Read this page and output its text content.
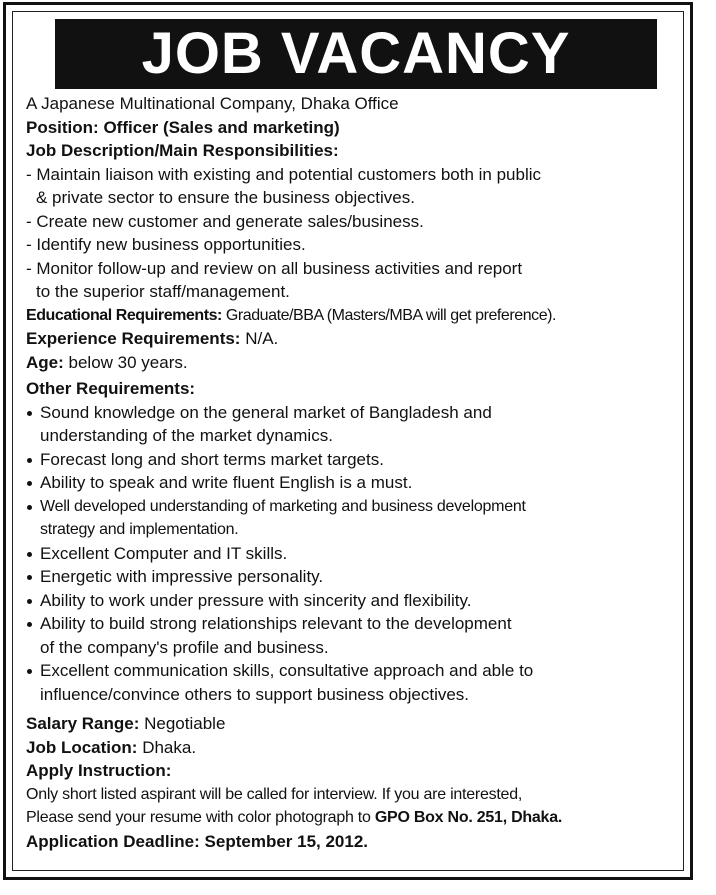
JOB VACANCY
A Japanese Multinational Company, Dhaka Office
Position: Officer (Sales and marketing)
Job Description/Main Responsibilities:
- Maintain liaison with existing and potential customers both in public
& private sector to ensure the business objectives.
- Create new customer and generate sales/business.
- Identify new business opportunities.
- Monitor follow-up and review on all business activities and report
to the superior staff/management.
Educational Requirements: Graduate/BBA (Masters/MBA will get preference).
Experience Requirements: N/A.
Age: below 30 years.
Other Requirements:
Sound knowledge on the general market of Bangladesh and
understanding of the market dynamics.
Forecast long and short terms market targets.
Ability to speak and write fluent English is a must.
Well developed understanding of marketing and business development
strategy and implementation.
Excellent Computer and IT skills.
Energetic with impressive personality.
Ability to work under pressure with sincerity and flexibility.
Ability to build strong relationships relevant to the development
of the company's profile and business.
Excellent communication skills, consultative approach and able to
influence/convince others to support business objectives.
Salary Range: Negotiable
Job Location: Dhaka.
Apply Instruction:
Only short listed aspirant will be called for interview. If you are interested,
Please send your resume with color photograph to GPO Box No. 251, Dhaka.
Application Deadline: September 15, 2012.
